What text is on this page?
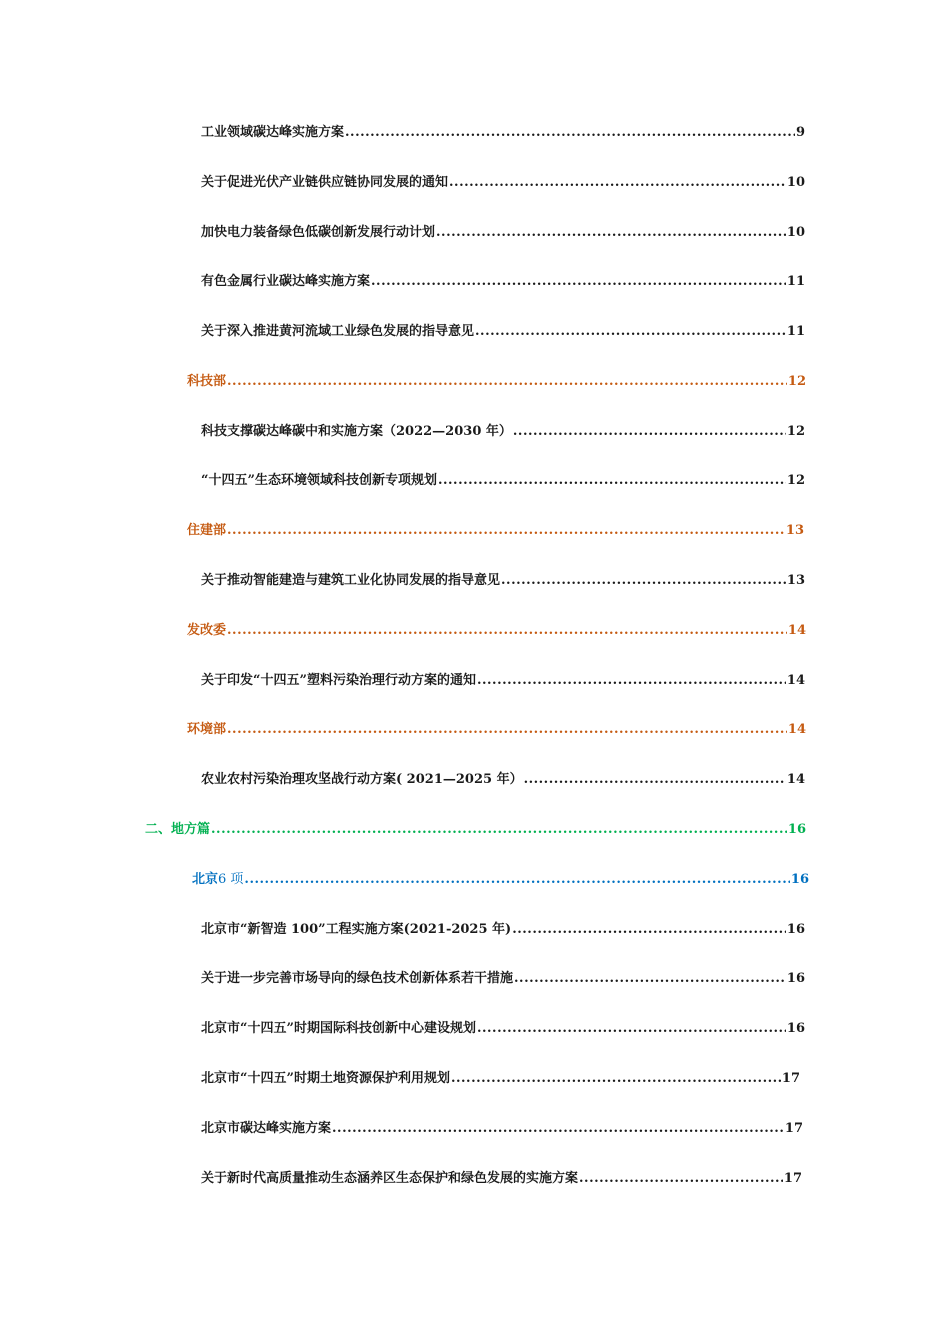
工业领域碳达峰实施方案 .....	9
关于促进光伏产业链供应链协同发展的通知 .....	10
加快电力装备绿色低碳创新发展行动计划 .....	10
有色金属行业碳达峰实施方案 .....	11
关于深入推进黄河流域工业绿色发展的指导意见 .....	11
科技部 .....	12
科技支撑碳达峰碳中和实施方案（2022—2030 年） .....	12
“十四五”生态环境领域科技创新专项规划 .....	12
住建部 .....	13
关于推动智能建造与建筑工业化协同发展的指导意见 .....	13
发改委 .....	14
关于印发“十四五”塑料污染治理行动方案的通知 .....	14
环境部 .....	14
农业农村污染治理攻坚战行动方案( 2021—2025 年） .....	14
二、地方篇 .....	16
北京6 项 .....	16
北京市“新智造 100”工程实施方案(2021-2025 年) .....	16
关于进一步完善市场导向的绿色技术创新体系若干措施 .....	16
北京市“十四五”时期国际科技创新中心建设规划 .....	16
北京市“十四五”时期土地资源保护利用规划 .....	17
北京市碳达峰实施方案 .....	17
关于新时代高质量推动生态涵养区生态保护和绿色发展的实施方案 .....	17
